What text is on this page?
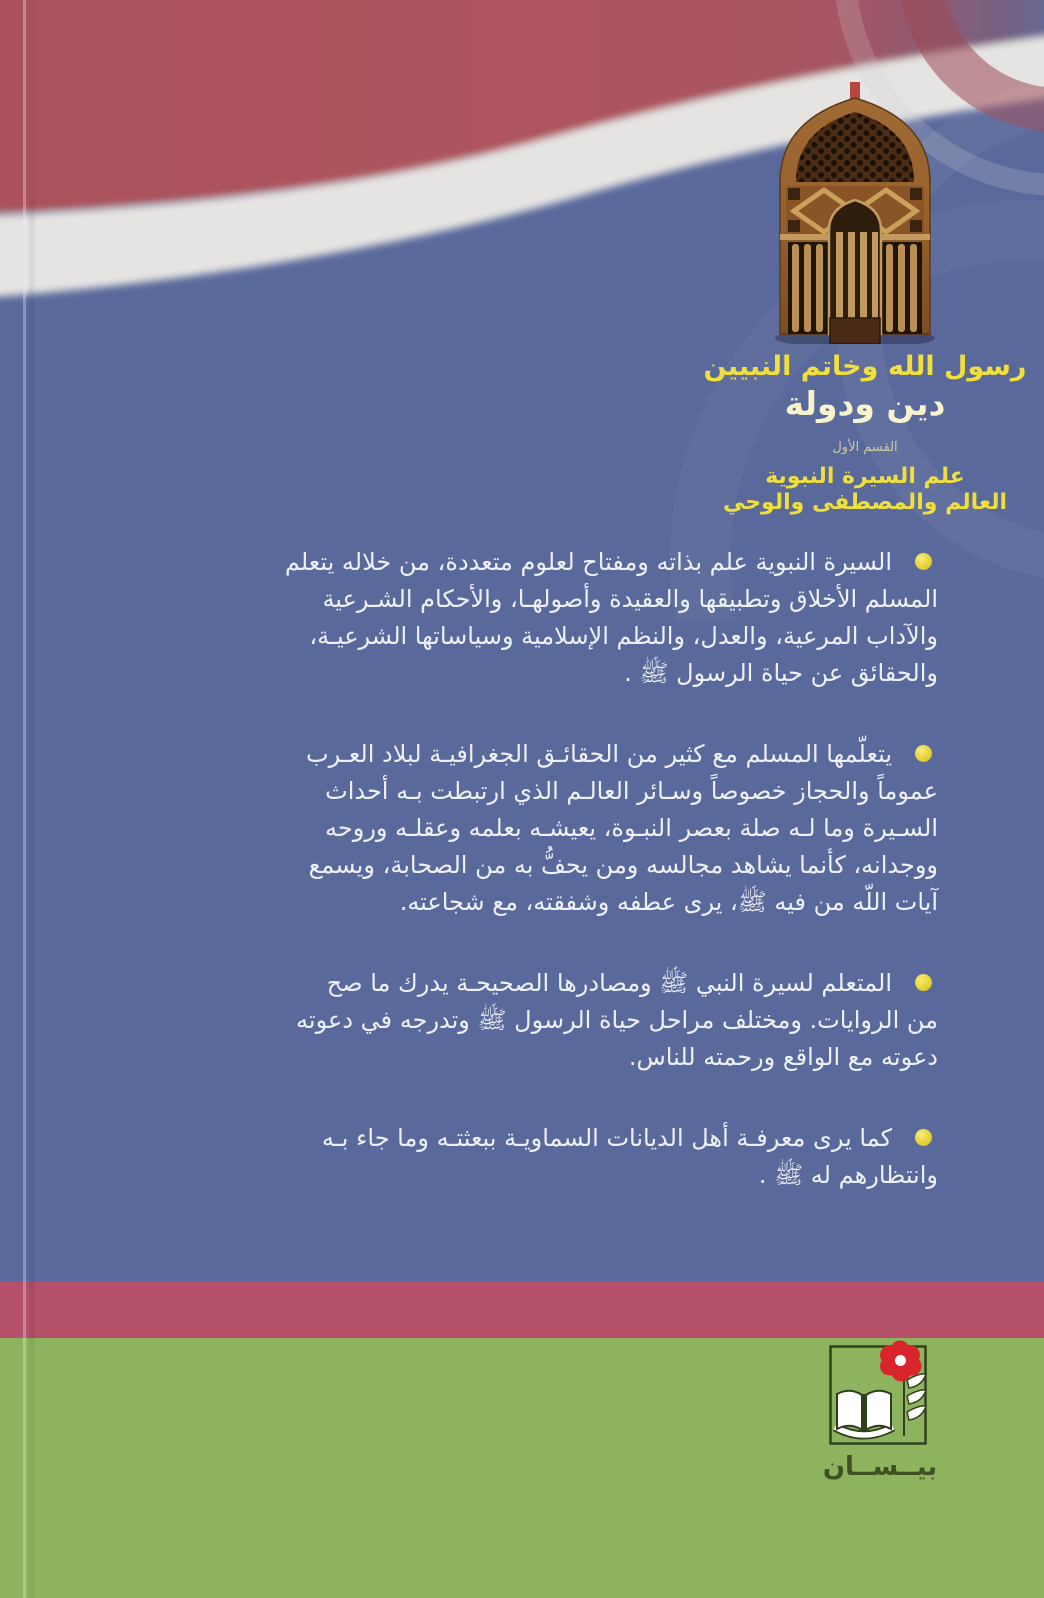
رسول الله وخاتم النبيين
دين ودولة
القسم الأول
علم السيرة النبوية
العالم والمصطفى والوحي
السيرة النبوية علم بذاته ومفتاح لعلوم متعددة، من خلاله يتعلم
المسلم الأخلاق وتطبيقها والعقيدة وأصولهـا، والأحكام الشـرعية
والآداب المرعية، والعدل، والنظم الإسلامية وسياساتها الشرعيـة،
والحقائق عن حياة الرسول ﷺ .
يتعلّمها المسلم مع كثير من الحقائـق الجغرافيـة لبلاد العـرب
عموماً والحجاز خصوصاً وسـائر العالـم الذي ارتبطت بـه أحداث
السـيرة وما لـه صلة بعصر النبـوة، يعيشـه بعلمه وعقلـه وروحه
ووجدانه، كأنما يشاهد مجالسه ومن يحفُّ به من الصحابة، ويسمع
آيات اللّه من فيه ﷺ، يرى عطفه وشفقته، مع شجاعته.
المتعلم لسيرة النبي ﷺ ومصادرها الصحيحـة يدرك ما صح
من الروايات. ومختلف مراحل حياة الرسول ﷺ وتدرجه في دعوته
دعوته مع الواقع ورحمته للناس.
كما يرى معرفـة أهل الديانات السماويـة ببعثتـه وما جاء بـه
وانتظارهم له ﷺ .
بيــســان
